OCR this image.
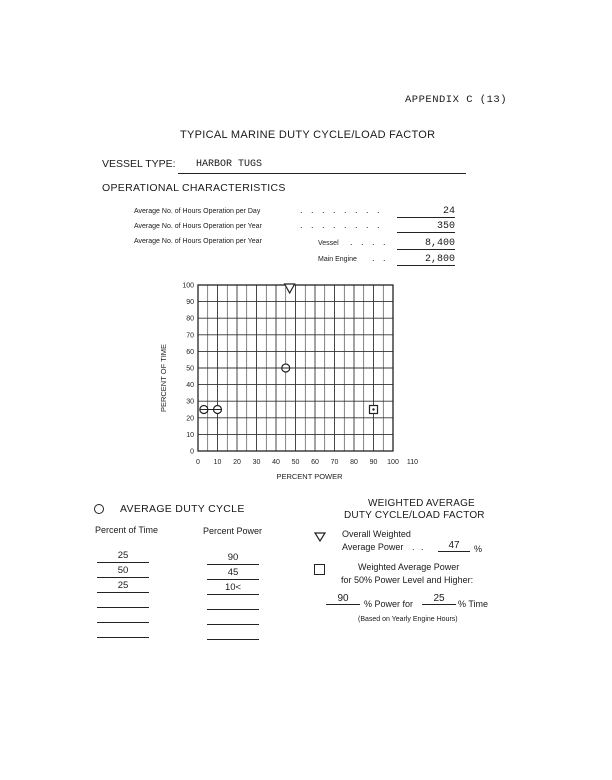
APPENDIX C (13)
TYPICAL MARINE DUTY CYCLE/LOAD FACTOR
VESSEL TYPE: HARBOR TUGS
OPERATIONAL CHARACTERISTICS
Average No. of Hours Operation per Day	. . . . . . . .	24
Average No. of Hours Operation per Year	. . . . . . . .	350
Average No. of Hours Operation per Year	Vessel . . . .	8,400
Main Engine . .	2,800
100
90
80
70
60
50
40
30
20
10
0
0 10 20 30 40 50 60 70 80 90 100 110
PERCENT POWER
PERCENT OF TIME
AVERAGE DUTY CYCLE
Percent of Time	Percent Power
25	90
50	45
25	10<
WEIGHTED AVERAGE
DUTY CYCLE/LOAD FACTOR
Overall Weighted
Average Power . .	47	%
Weighted Average Power
for 50% Power Level and Higher:
90	% Power for	25	% Time
(Based on Yearly Engine Hours)
